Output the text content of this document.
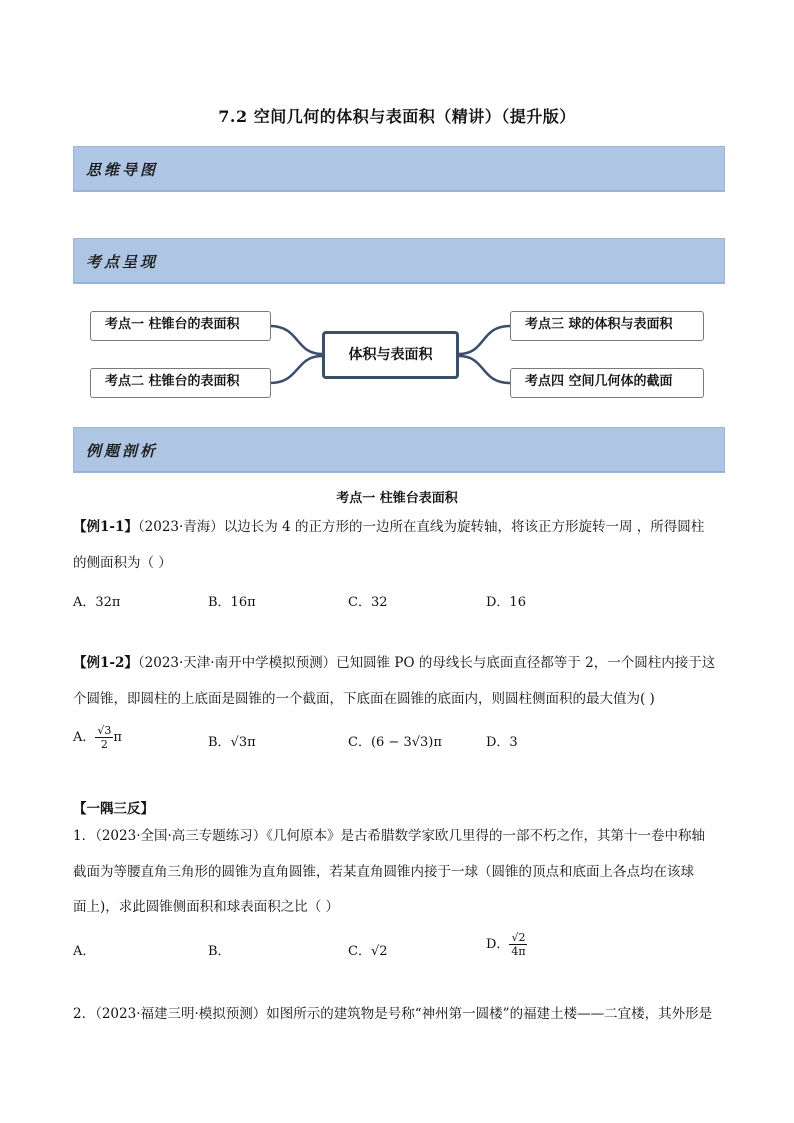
7.2 空间几何的体积与表面积（精讲）（提升版）
思维导图
考点呈现
考点一 柱锥台的表面积
考点二 柱锥台的表面积
体积与表面积
考点三 球的体积与表面积
考点四 空间几何体的截面
例题剖析
考点一 柱锥台表面积
【例1-1】（2023·青海）以边长为 4 的正方形的一边所在直线为旋转轴，将该正方形旋转一周 ，所得圆柱
的侧面积为（ ）
A．32π	B．16π	C．32	D．16
【例1-2】（2023·天津·南开中学模拟预测）已知圆锥 PO 的母线长与底面直径都等于 2，一个圆柱内接于这
个圆锥，即圆柱的上底面是圆锥的一个截面，下底面在圆锥的底面内，则圆柱侧面积的最大值为( )
A． $\frac{√3}{2}$ π	B．√3π	C．(6 − 3√3)π	D．3
【一隅三反】
1．（2023·全国·高三专题练习）《几何原本》是古希腊数学家欧几里得的一部不朽之作，其第十一卷中称轴
截面为等腰直角三角形的圆锥为直角圆锥，若某直角圆锥内接于一球（圆锥的顶点和底面上各点均在该球
面上)，求此圆锥侧面积和球表面积之比（ ）
A．	B．	C．√2	D． $\frac{√2}{4\pi}$
2．（2023·福建三明·模拟预测）如图所示的建筑物是号称“神州第一圆楼”的福建土楼——二宜楼，其外形是
